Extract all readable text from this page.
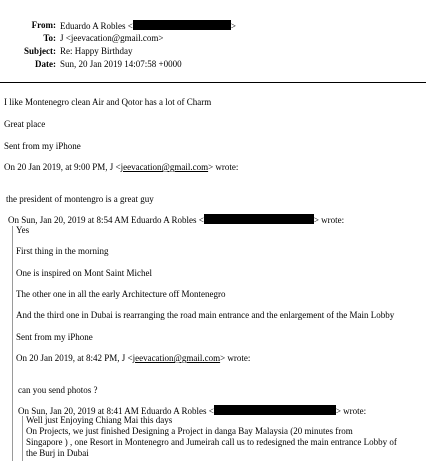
From: Eduardo A Robles <	>
To: J <jeevacation@gmail.com>
Subject: Re: Happy Birthday
Date: Sun, 20 Jan 2019 14:07:58 +0000
I like Montenegro clean Air and Qotor has a lot of Charm
Great place
Sent from my iPhone
On 20 Jan 2019, at 9:00 PM, J <jeevacation@gmail.com> wrote:
the president of montengro is a great guy
On Sun, Jan 20, 2019 at 8:54 AM Eduardo A Robles <	> wrote:
Yes
First thing in the morning
One is inspired on Mont Saint Michel
The other one in all the early Architecture off Montenegro
And the third one in Dubai is rearranging the road main entrance and the enlargement of the Main Lobby
Sent from my iPhone
On 20 Jan 2019, at 8:42 PM, J <jeevacation@gmail.com> wrote:
can you send photos ?
On Sun, Jan 20, 2019 at 8:41 AM Eduardo A Robles <	> wrote:
Well just Enjoying Chiang Mai this days
On Projects, we just finished Designing a Project in danga Bay Malaysia (20 minutes from
Singapore ) , one Resort in Montenegro and Jumeirah call us to redesigned the main entrance Lobby of
the Burj in Dubai
